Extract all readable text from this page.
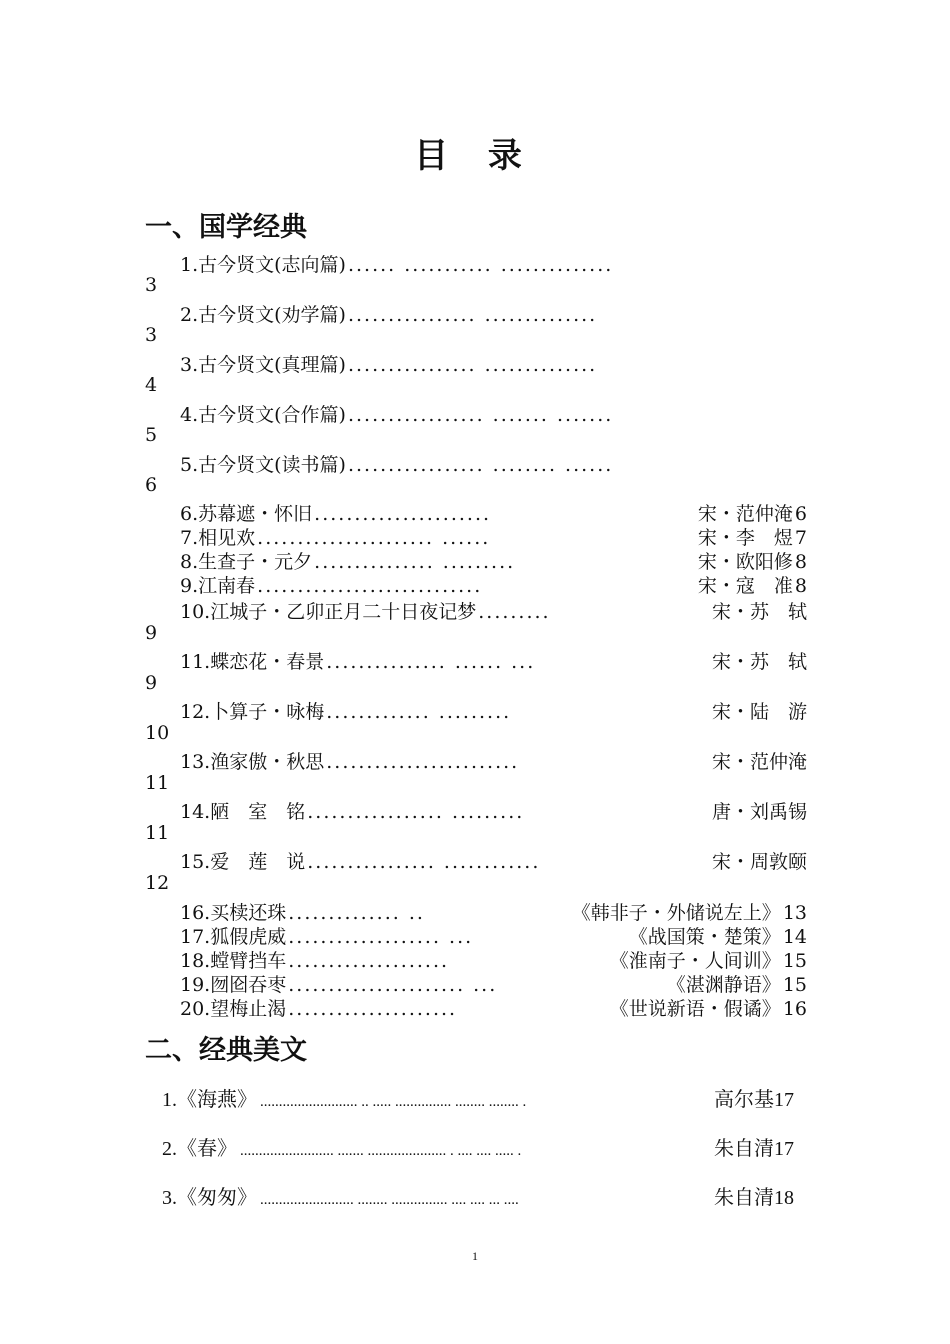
目 录
一、国学经典
1. 古今贤文(志向篇) ...... ........... ..............
3
2. 古今贤文(劝学篇) ................ ..............
3
3. 古今贤文(真理篇) ................ ..............
4
4. 古今贤文(合作篇) ................. ....... .......
5
5. 古今贤文(读书篇) ................. ........ ......
6
6. 苏幕遮・怀旧 ......................	宋・范仲淹 6
7. 相见欢 ...................... ......	宋・李　煜 7
8. 生查子・元夕 ............... .........	宋・欧阳修 8
9. 江南春 ............................	宋・寇　准 8
10. 江城子・乙卯正月二十日夜记梦 .........	宋・苏　轼
9
11. 蝶恋花・春景 ............... ...... ...	宋・苏　轼
9
12. 卜算子・咏梅 ............. .........	宋・陆　游
10
13. 渔家傲・秋思 ........................	宋・范仲淹
11
14. 陋　室　铭 ................. .........	唐・刘禹锡
11
15. 爱　莲　说 ................ ............	宋・周敦颐
12
16. 买椟还珠 .............. ..	《韩非子・外储说左上》 13
17. 狐假虎威 ................... ...	《战国策・楚策》 14
18. 螳臂挡车 ....................	《淮南子・人间训》 15
19. 囫囵吞枣 ...................... ...	《湛渊静语》 15
20. 望梅止渴 .....................	《世说新语・假谲》 16
二、经典美文
1. 《海燕》 .......................... .. ..... ............... ........ ........ .	高尔基 17
2. 《春》 ......................... ....... ..................... . .... .... ..... .	朱自清 17
3. 《匆匆》 ......................... ........ ............... .... .... ... ....	朱自清 18
1
